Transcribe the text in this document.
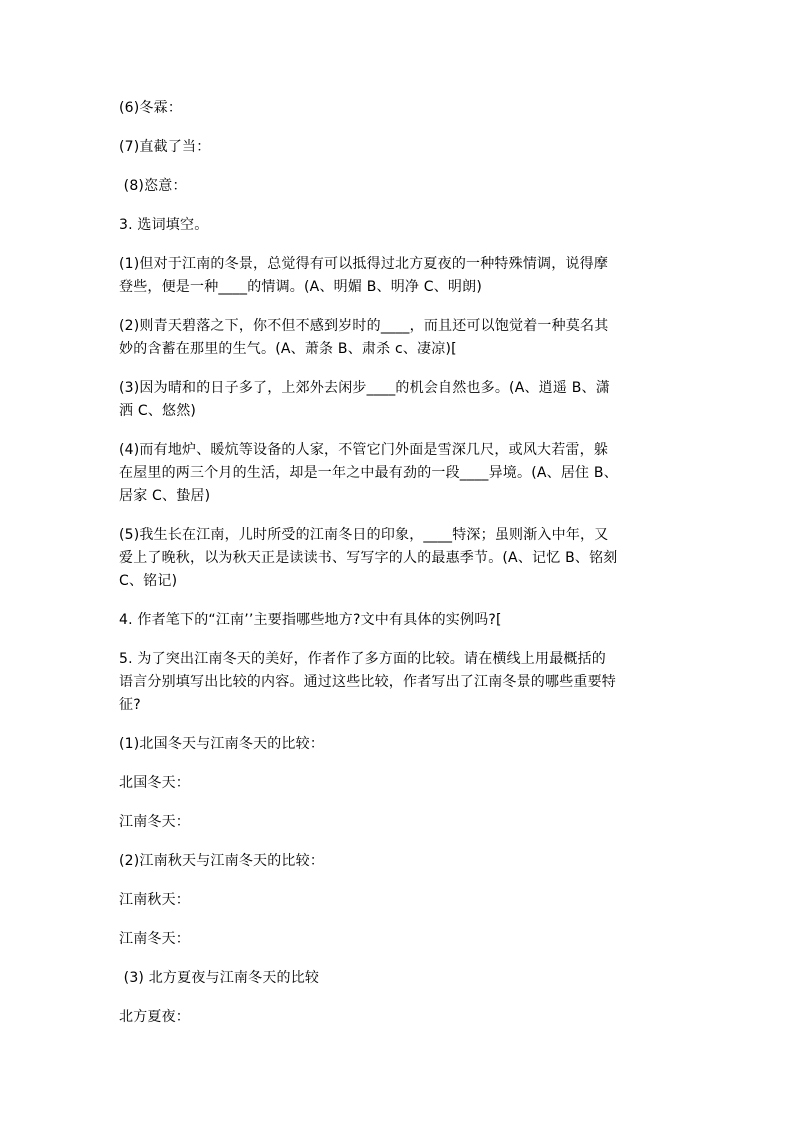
(6)冬霖：
(7)直截了当：
(8)恣意：
3. 选词填空。
(1)但对于江南的冬景，总觉得有可以抵得过北方夏夜的一种特殊情调，说得摩
登些，便是一种____的情调。(A、明媚 B、明净 C、明朗)
(2)则青天碧落之下，你不但不感到岁时的____，而且还可以饱觉着一种莫名其
妙的含蓄在那里的生气。(A、萧条 B、肃杀 c、凄凉)[
(3)因为晴和的日子多了，上郊外去闲步____的机会自然也多。(A、逍遥 B、潇
洒 C、悠然)
(4)而有地炉、暖炕等设备的人家，不管它门外面是雪深几尺，或风大若雷，躲
在屋里的两三个月的生活，却是一年之中最有劲的一段____异境。(A、居住 B、
居家 C、蛰居)
(5)我生长在江南，儿时所受的江南冬日的印象，____特深；虽则渐入中年，又
爱上了晚秋，以为秋天正是读读书、写写字的人的最惠季节。(A、记忆 B、铭刻
C、铭记)
4. 作者笔下的“江南’’主要指哪些地方?文中有具体的实例吗?[
5. 为了突出江南冬天的美好，作者作了多方面的比较。请在横线上用最概括的
语言分别填写出比较的内容。通过这些比较，作者写出了江南冬景的哪些重要特
征?
(1)北国冬天与江南冬天的比较：
北国冬天：
江南冬天：
(2)江南秋天与江南冬天的比较：
江南秋天：
江南冬天：
(3) 北方夏夜与江南冬天的比较
北方夏夜：
